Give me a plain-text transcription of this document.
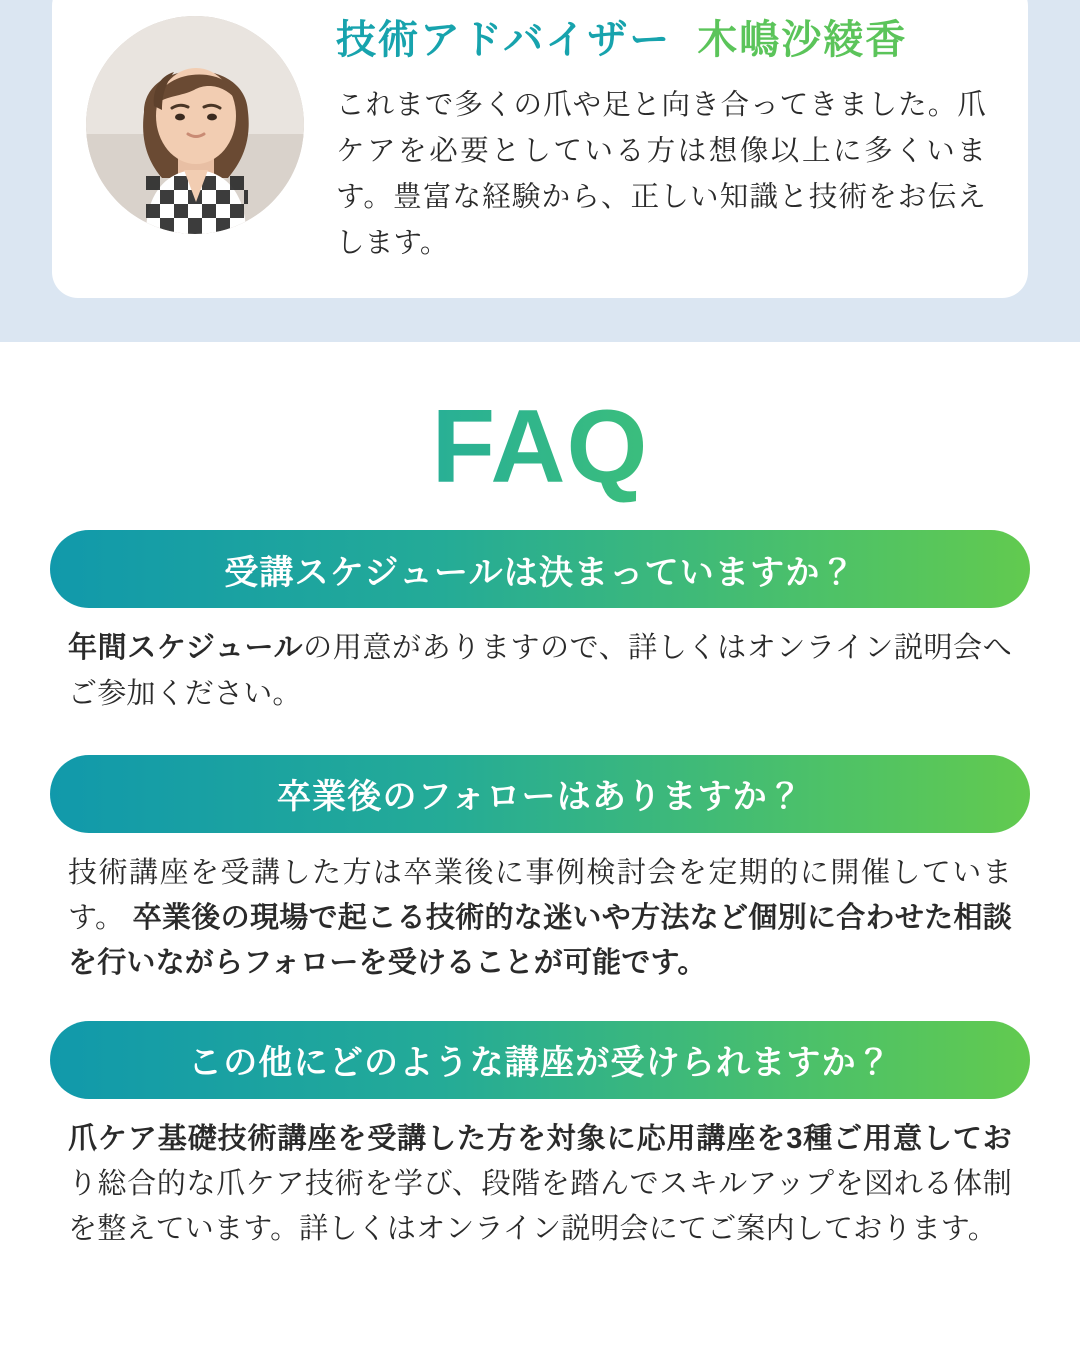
技術アドバイザー 木嶋沙綾香

これまで多くの爪や足と向き合ってきました。爪ケアを必要としている方は想像以上に多くいます。豊富な経験から、正しい知識と技術をお伝えします。

FAQ
受講スケジュールは決まっていますか？
年間スケジュールの用意がありますので、詳しくはオンライン説明会へご参加ください。
卒業後のフォローはありますか？
技術講座を受講した方は卒業後に事例検討会を定期的に開催しています。 卒業後の現場で起こる技術的な迷いや方法など個別に合わせた相談を行いながらフォローを受けることが可能です。
この他にどのような講座が受けられますか？
爪ケア基礎技術講座を受講した方を対象に応用講座を3種ご用意しており総合的な爪ケア技術を学び、段階を踏んでスキルアップを図れる体制を整えています。詳しくはオンライン説明会にてご案内しております。
